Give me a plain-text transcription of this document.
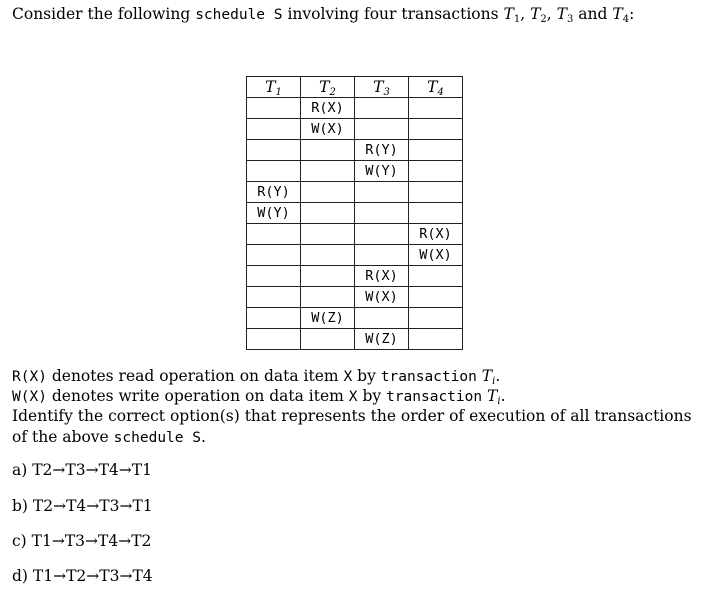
Consider the following schedule S involving four transactions $T_1$, $T_2$, $T_3$ and $T_4$:
$T_1$	$T_2$	$T_3$	$T_4$
	R(X)		
	W(X)		
		R(Y)	
		W(Y)	
R(Y)			
W(Y)			
			R(X)
			W(X)
		R(X)	
		W(X)	
	W(Z)		
		W(Z)	
R(X) denotes read operation on data item X by transaction $T_i$.
W(X) denotes write operation on data item X by transaction $T_i$.
Identify the correct option(s) that represents the order of execution of all transactions of the above schedule S.
a) T2→T3→T4→T1
b) T2→T4→T3→T1
c) T1→T3→T4→T2
d) T1→T2→T3→T4
